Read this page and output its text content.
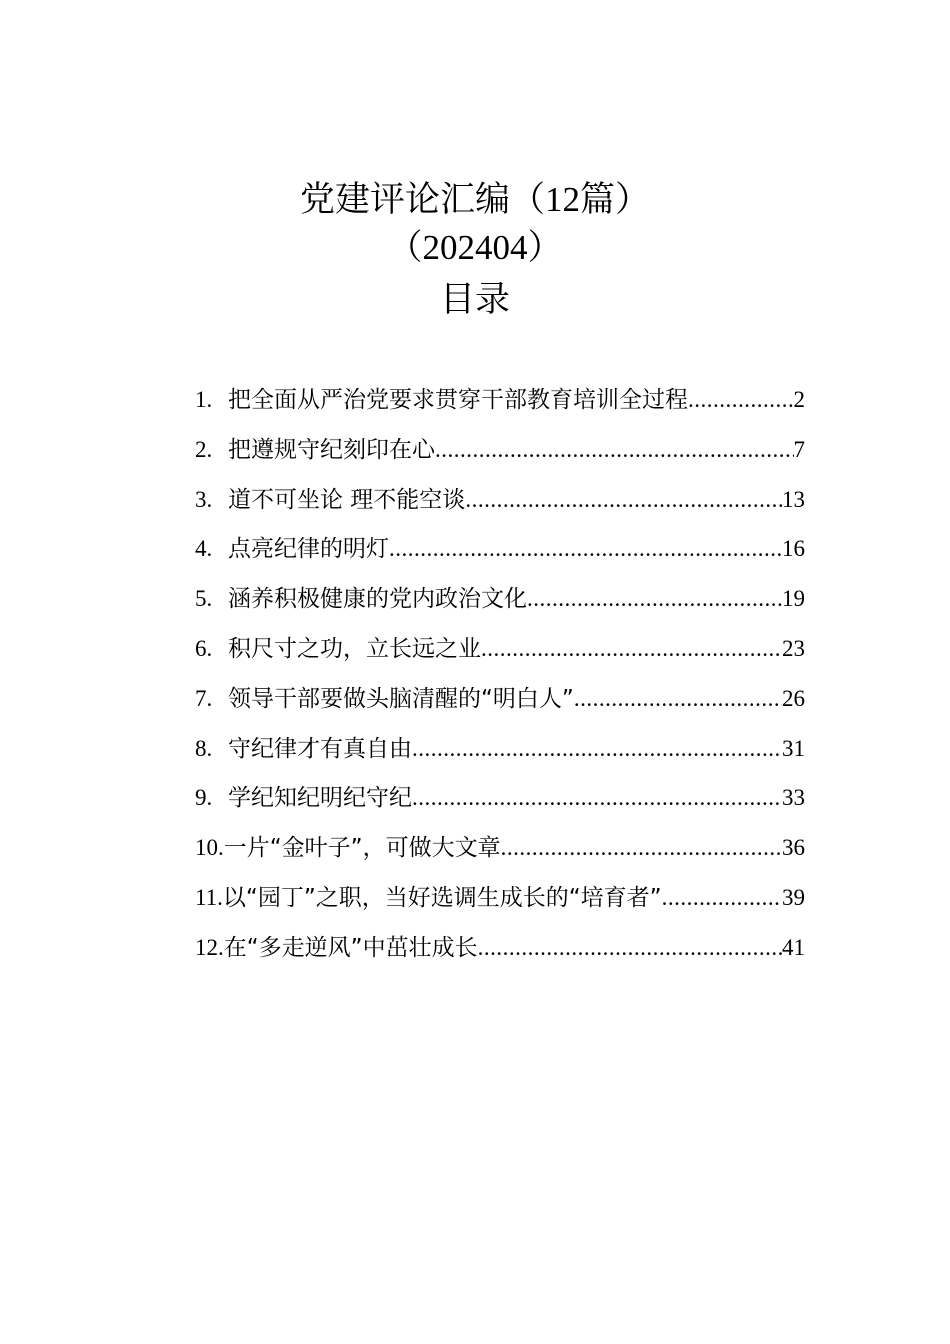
党建评论汇编（12篇）
（202404）
目录
1. 把全面从严治党要求贯穿干部教育培训全过程 .....	2
2. 把遵规守纪刻印在心 .....	7
3. 道不可坐论 理不能空谈 .....	13
4. 点亮纪律的明灯 .....	16
5. 涵养积极健康的党内政治文化 .....	19
6. 积尺寸之功，立长远之业 .....	23
7. 领导干部要做头脑清醒的“明白人” .....	26
8. 守纪律才有真自由 .....	31
9. 学纪知纪明纪守纪 .....	33
10. 一片“金叶子”，可做大文章 .....	36
11. 以“园丁”之职，当好选调生成长的“培育者” .....	39
12. 在“多走逆风”中茁壮成长 .....	41
